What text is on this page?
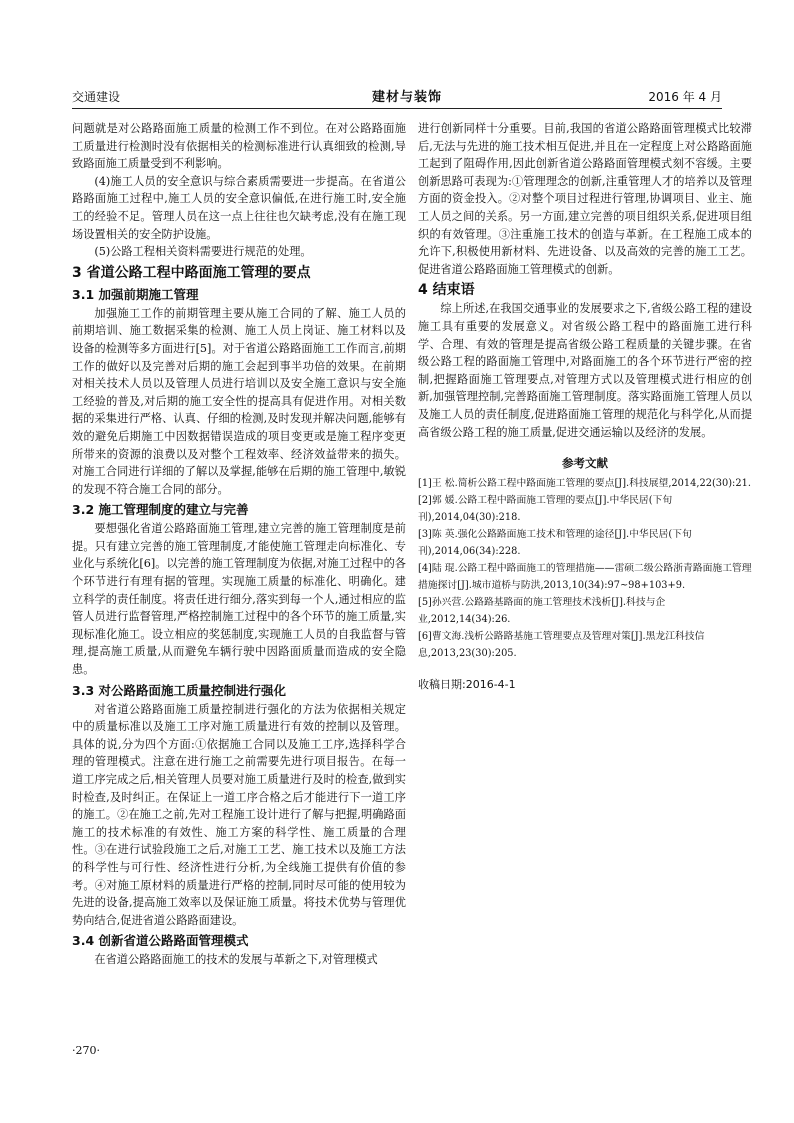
交通建设	建材与装饰	2016 年 4 月

问题就是对公路路面施工质量的检测工作不到位。在对公路路面施工质量进行检测时没有依据相关的检测标准进行认真细致的检测,导致路面施工质量受到不利影响。

(4)施工人员的安全意识与综合素质需要进一步提高。在省道公路路面施工过程中,施工人员的安全意识偏低,在进行施工时,安全施工的经验不足。管理人员在这一点上往往也欠缺考虑,没有在施工现场设置相关的安全防护设施。

(5)公路工程相关资料需要进行规范的处理。

3 省道公路工程中路面施工管理的要点
3.1 加强前期施工管理

加强施工工作的前期管理主要从施工合同的了解、施工人员的前期培训、施工数据采集的检测、施工人员上岗证、施工材料以及设备的检测等多方面进行[5]。对于省道公路路面施工工作而言,前期工作的做好以及完善对后期的施工会起到事半功倍的效果。在前期对相关技术人员以及管理人员进行培训以及安全施工意识与安全施工经验的普及,对后期的施工安全性的提高具有促进作用。对相关数据的采集进行严格、认真、仔细的检测,及时发现并解决问题,能够有效的避免后期施工中因数据错误造成的项目变更或是施工程序变更所带来的资源的浪费以及对整个工程效率、经济效益带来的损失。对施工合同进行详细的了解以及掌握,能够在后期的施工管理中,敏锐的发现不符合施工合同的部分。

3.2 施工管理制度的建立与完善

要想强化省道公路路面施工管理,建立完善的施工管理制度是前提。只有建立完善的施工管理制度,才能使施工管理走向标准化、专业化与系统化[6]。以完善的施工管理制度为依据,对施工过程中的各个环节进行有理有据的管理。实现施工质量的标准化、明确化。建立科学的责任制度。将责任进行细分,落实到每一个人,通过相应的监管人员进行监督管理,严格控制施工过程中的各个环节的施工质量,实现标准化施工。设立相应的奖惩制度,实现施工人员的自我监督与管理,提高施工质量,从而避免车辆行驶中因路面质量而造成的安全隐患。

3.3 对公路路面施工质量控制进行强化

对省道公路路面施工质量控制进行强化的方法为依据相关规定中的质量标准以及施工工序对施工质量进行有效的控制以及管理。具体的说,分为四个方面:①依据施工合同以及施工工序,选择科学合理的管理模式。注意在进行施工之前需要先进行项目报告。在每一道工序完成之后,相关管理人员要对施工质量进行及时的检查,做到实时检查,及时纠正。在保证上一道工序合格之后才能进行下一道工序的施工。②在施工之前,先对工程施工设计进行了解与把握,明确路面施工的技术标准的有效性、施工方案的科学性、施工质量的合理性。③在进行试验段施工之后,对施工工艺、施工技术以及施工方法的科学性与可行性、经济性进行分析,为全线施工提供有价值的参考。④对施工原材料的质量进行严格的控制,同时尽可能的使用较为先进的设备,提高施工效率以及保证施工质量。将技术优势与管理优势向结合,促进省道公路路面建设。

3.4 创新省道公路路面管理模式

在省道公路路面施工的技术的发展与革新之下,对管理模式

进行创新同样十分重要。目前,我国的省道公路路面管理模式比较滞后,无法与先进的施工技术相互促进,并且在一定程度上对公路路面施工起到了阻碍作用,因此创新省道公路路面管理模式刻不容缓。主要创新思路可表现为:①管理理念的创新,注重管理人才的培养以及管理方面的资金投入。②对整个项目过程进行管理,协调项目、业主、施工人员之间的关系。另一方面,建立完善的项目组织关系,促进项目组织的有效管理。③注重施工技术的创造与革新。在工程施工成本的允许下,积极使用新材料、先进设备、以及高效的完善的施工工艺。促进省道公路路面施工管理模式的创新。

4 结束语

综上所述,在我国交通事业的发展要求之下,省级公路工程的建设施工具有重要的发展意义。对省级公路工程中的路面施工进行科学、合理、有效的管理是提高省级公路工程质量的关键步骤。在省级公路工程的路面施工管理中,对路面施工的各个环节进行严密的控制,把握路面施工管理要点,对管理方式以及管理模式进行相应的创新,加强管理控制,完善路面施工管理制度。落实路面施工管理人员以及施工人员的责任制度,促进路面施工管理的规范化与科学化,从而提高省级公路工程的施工质量,促进交通运输以及经济的发展。

参考文献

[1]王 松.简析公路工程中路面施工管理的要点[J].科技展望,2014,22(30):21.

[2]郭 媛.公路工程中路面施工管理的要点[J].中华民居(下旬刊),2014,04(30):218.

[3]陈 英.强化公路路面施工技术和管理的途径[J].中华民居(下旬刊),2014,06(34):228.

[4]陆 琨.公路工程中路面施工的管理措施——雷硕二级公路浙青路面施工管理措施探讨[J].城市道桥与防洪,2013,10(34):97~98+103+9.

[5]孙兴营.公路路基路面的施工管理技术浅析[J].科技与企业,2012,14(34):26.

[6]曹文海.浅析公路路基施工管理要点及管理对策[J].黑龙江科技信息,2013,23(30):205.

收稿日期:2016-4-1
·270·
